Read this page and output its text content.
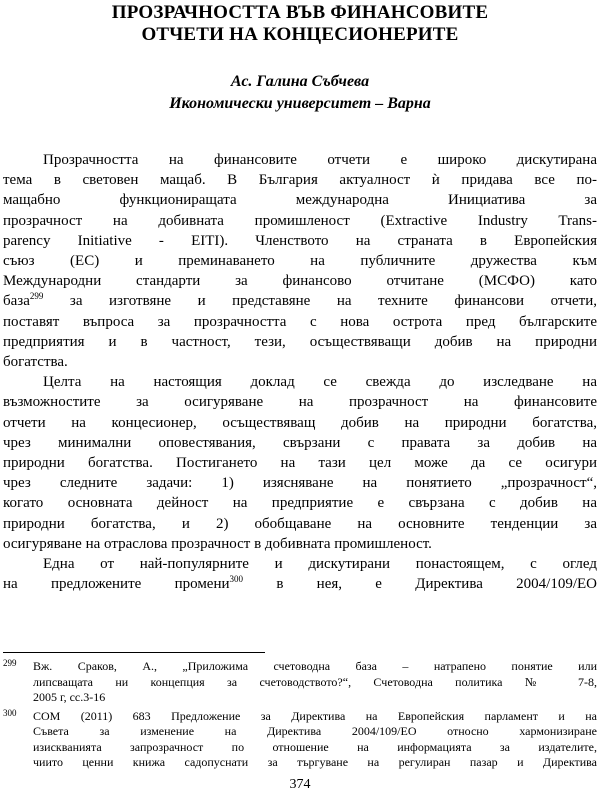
ПРОЗРАЧНОСТТА ВЪВ ФИНАНСОВИТЕ
ОТЧЕТИ НА КОНЦЕСИОНЕРИТЕ
Ас. Галина Събчева
Икономически университет – Варна
Прозрачността на финансовите отчети е широко дискутирана
тема в световен мащаб. В България актуалност ѝ придава все по-
мащабно функциониращата международна Инициатива за
прозрачност на добивната промишленост (Extractive Industry Trans-
parency Initiative - EITI). Членството на страната в Европейския
съюз (ЕС) и преминаването на публичните дружества към
Международни стандарти за финансово отчитане (МСФО) като
база$^{299}$ за изготвяне и представяне на техните финансови отчети,
поставят въпроса за прозрачността с нова острота пред българските
предприятия и в частност, тези, осъществяващи добив на природни
богатства.
Целта на настоящия доклад се свежда до изследване на
възможностите за осигуряване на прозрачност на финансовите
отчети на концесионер, осъществяващ добив на природни богатства,
чрез минимални оповестявания, свързани с правата за добив на
природни богатства. Постигането на тази цел може да се осигури
чрез следните задачи: 1) изясняване на понятието „прозрачност“,
когато основната дейност на предприятие е свързана с добив на
природни богатства, и 2) обобщаване на основните тенденции за
осигуряване на отраслова прозрачност в добивната промишленост.
Една от най-популярните и дискутирани понастоящем, с оглед
на предложените промени$^{300}$ в нея, е Директива 2004/109/ЕО
299 Вж. Сраков, А., „Приложима счетоводна база – натрапено понятие или
липсващата ни концепция за счетоводството?“, Счетоводна политика № 7-8,
2005 г, сс.3-16
300 COM (2011) 683 Предложение за Директива на Европейския парламент и на
Съвета за изменение на Директива 2004/109/ЕО относно хармонизиране
изискванията запрозрачност по отношение на информацията за издателите,
чиито ценни книжа садопуснати за търгуване на регулиран пазар и Директива
374
